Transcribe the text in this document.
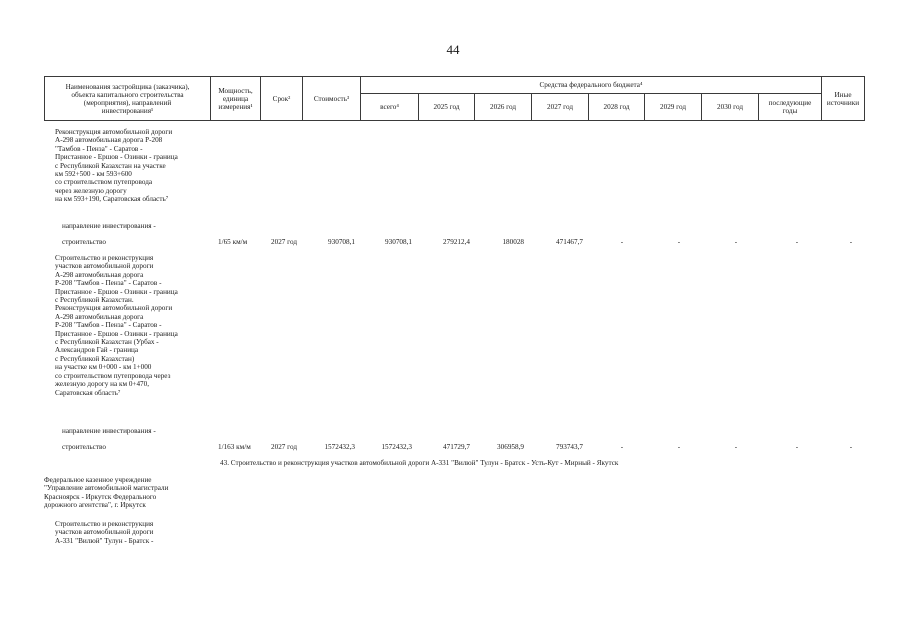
44
Наименования застройщика (заказчика),
объекта капитального строительства
(мероприятия), направлений
инвестирования¹	Мощность,
единица
измерения¹	Срок²	Стоимость³	Средства федерального бюджета⁴								Иные
источники
				всего⁴	2025 год	2026 год	2027 год	2028 год	2029 год	2030 год	последующие
годы	

Реконструкция автомобильной дороги
А-298 автомобильная дорога Р-208
"Тамбов - Пенза" - Саратов -
Пристанное - Ершов - Озинки - граница
с Республикой Казахстан на участке
км 592+500 - км 593+600
со строительством путепровода
через железную дорогу
на км 593+190, Саратовская область⁷

направление инвестирования -

строительство	1/65 км/м	2027 год	930708,1	930708,1	279212,4	180028	471467,7	-	-	-	-	-

Строительство и реконструкция
участков автомобильной дороги
А-298 автомобильная дорога
Р-208 "Тамбов - Пенза" - Саратов -
Пристанное - Ершов - Озинки - граница
с Республикой Казахстан.
Реконструкция автомобильной дороги
А-298 автомобильная дорога
Р-208 "Тамбов - Пенза" - Саратов -
Пристанное - Ершов - Озинки - граница
с Республикой Казахстан (Урбах -
Александров Гай - граница
с Республикой Казахстан)
на участке км 0+000 - км 1+000
со строительством путепровода через
железную дорогу на км 0+470,
Саратовская область⁷

направление инвестирования -

строительство	1/163 км/м	2027 год	1572432,3	1572432,3	471729,7	306958,9	793743,7	-	-	-	-	-

43. Строительство и реконструкция участков автомобильной дороги А-331 "Вилюй" Тулун - Братск - Усть-Кут - Мирный - Якутск

Федеральное казенное учреждение
"Управление автомобильной магистрали
Красноярск - Иркутск Федерального
дорожного агентства", г. Иркутск

Строительство и реконструкция
участков автомобильной дороги
А-331 "Вилюй" Тулун - Братск -
